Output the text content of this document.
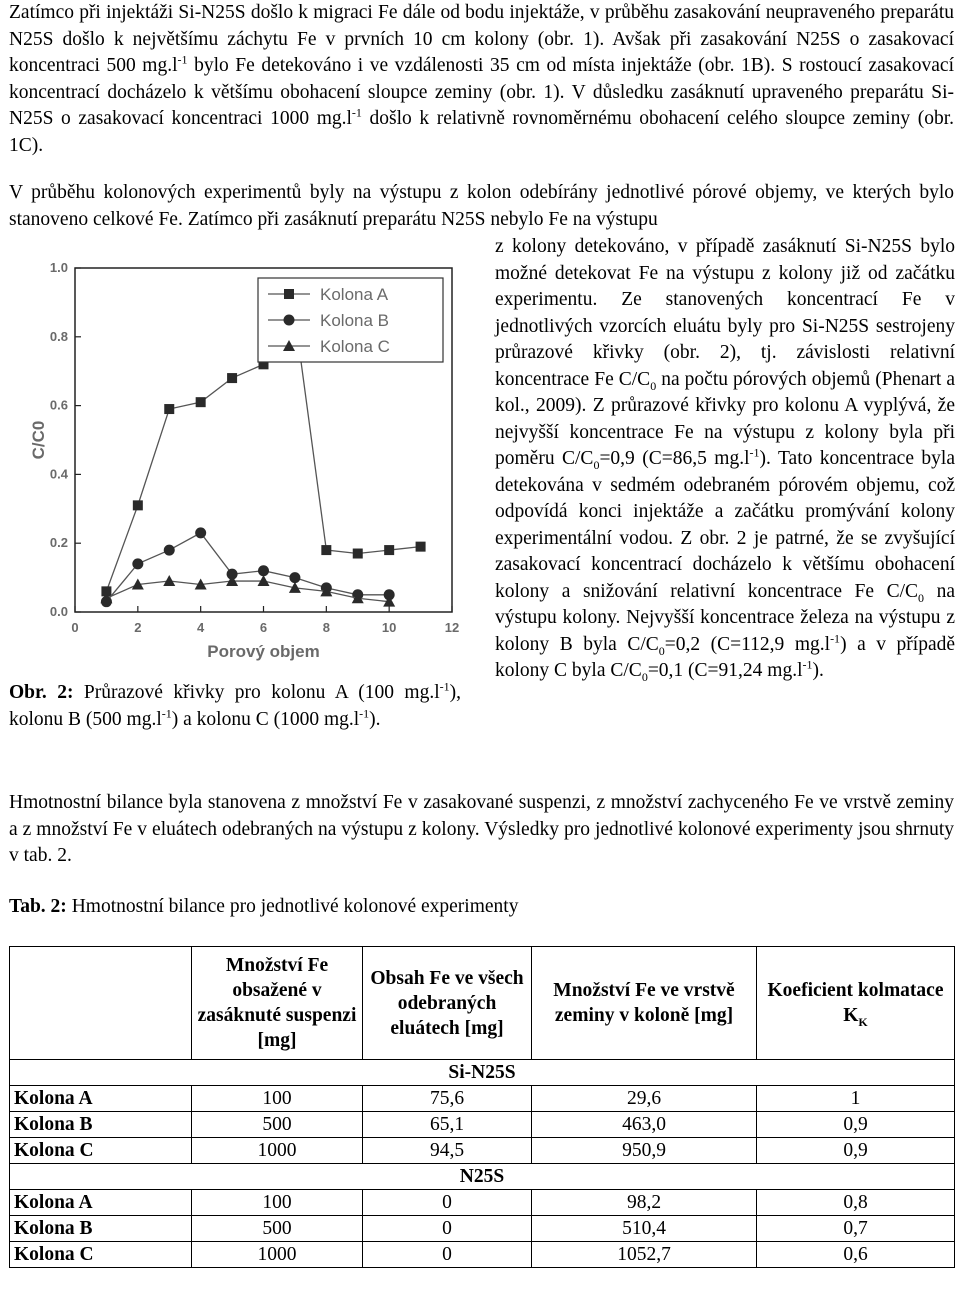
Zatímco při injektáži Si-N25S došlo k migraci Fe dále od bodu injektáže, v průběhu zasakování neupraveného preparátu N25S došlo k největšímu záchytu Fe v prvních 10 cm kolony (obr. 1). Avšak při zasakování N25S o zasakovací koncentraci 500 $mg.l^{-1}$ bylo Fe detekováno i ve vzdálenosti 35 cm od místa injektáže (obr. 1B). S rostoucí zasakovací koncentrací docházelo k většímu obohacení sloupce zeminy (obr. 1). V důsledku zasáknutí upraveného preparátu Si-N25S o zasakovací koncentraci 1000 $mg.l^{-1}$ došlo k relativně rovnoměrnému obohacení celého sloupce zeminy (obr. 1C).

V průběhu kolonových experimentů byly na výstupu z kolon odebírány jednotlivé pórové objemy, ve kterých bylo stanoveno celkové Fe. Zatímco při zasáknutí preparátu N25S nebylo Fe na výstupu

0	2	4	6	8	10	12
0.0
0.2
0.4
0.6
0.8
1.0
Porový objem
C/C0
Kolona A
Kolona B
Kolona C

z kolony detekováno, v případě zasáknutí Si-N25S bylo možné detekovat Fe na výstupu z kolony již od začátku experimentu. Ze stanovených koncentrací Fe v jednotlivých vzorcích eluátu byly pro Si-N25S sestrojeny průrazové křivky (obr. 2), tj. závislosti relativní koncentrace Fe $C/C_0$ na počtu pórových objemů (Phenart a kol., 2009). Z průrazové křivky pro kolonu A vyplývá, že nejvyšší koncentrace Fe na výstupu z kolony byla při poměru $C/C_0=0,9$ (C=86,5 $mg.l^{-1}$). Tato koncentrace byla detekována v sedmém odebraném pórovém objemu, což odpovídá konci injektáže a začátku promývání kolony experimentální vodou. Z obr. 2 je patrné, že se zvyšující zasakovací koncentrací docházelo k většímu obohacení kolony a snižování relativní koncentrace Fe $C/C_0$ na výstupu kolony. Nejvyšší koncentrace železa na výstupu z kolony B byla $C/C_0=0,2$ (C=112,9 $mg.l^{-1}$) a v případě kolony C byla $C/C_0=0,1$ (C=91,24 $mg.l^{-1}$).

Obr. 2: Průrazové křivky pro kolonu A (100 $mg.l^{-1}$), kolonu B (500 $mg.l^{-1}$) a kolonu C (1000 $mg.l^{-1}$).

Hmotnostní bilance byla stanovena z množství Fe v zasakované suspenzi, z množství zachyceného Fe ve vrstvě zeminy a z množství Fe v eluátech odebraných na výstupu z kolony. Výsledky pro jednotlivé kolonové experimenty jsou shrnuty v tab. 2.

Tab. 2: Hmotnostní bilance pro jednotlivé kolonové experimenty

	Množství Fe obsažené v zasáknuté suspenzi [mg]	Obsah Fe ve všech odebraných eluátech [mg]	Množství Fe ve vrstvě zeminy v koloně [mg]	Koeficient kolmatace $K_K$
Si-N25S				
Kolona A	100	75,6	29,6	1
Kolona B	500	65,1	463,0	0,9
Kolona C	1000	94,5	950,9	0,9
N25S				
Kolona A	100	0	98,2	0,8
Kolona B	500	0	510,4	0,7
Kolona C	1000	0	1052,7	0,6
